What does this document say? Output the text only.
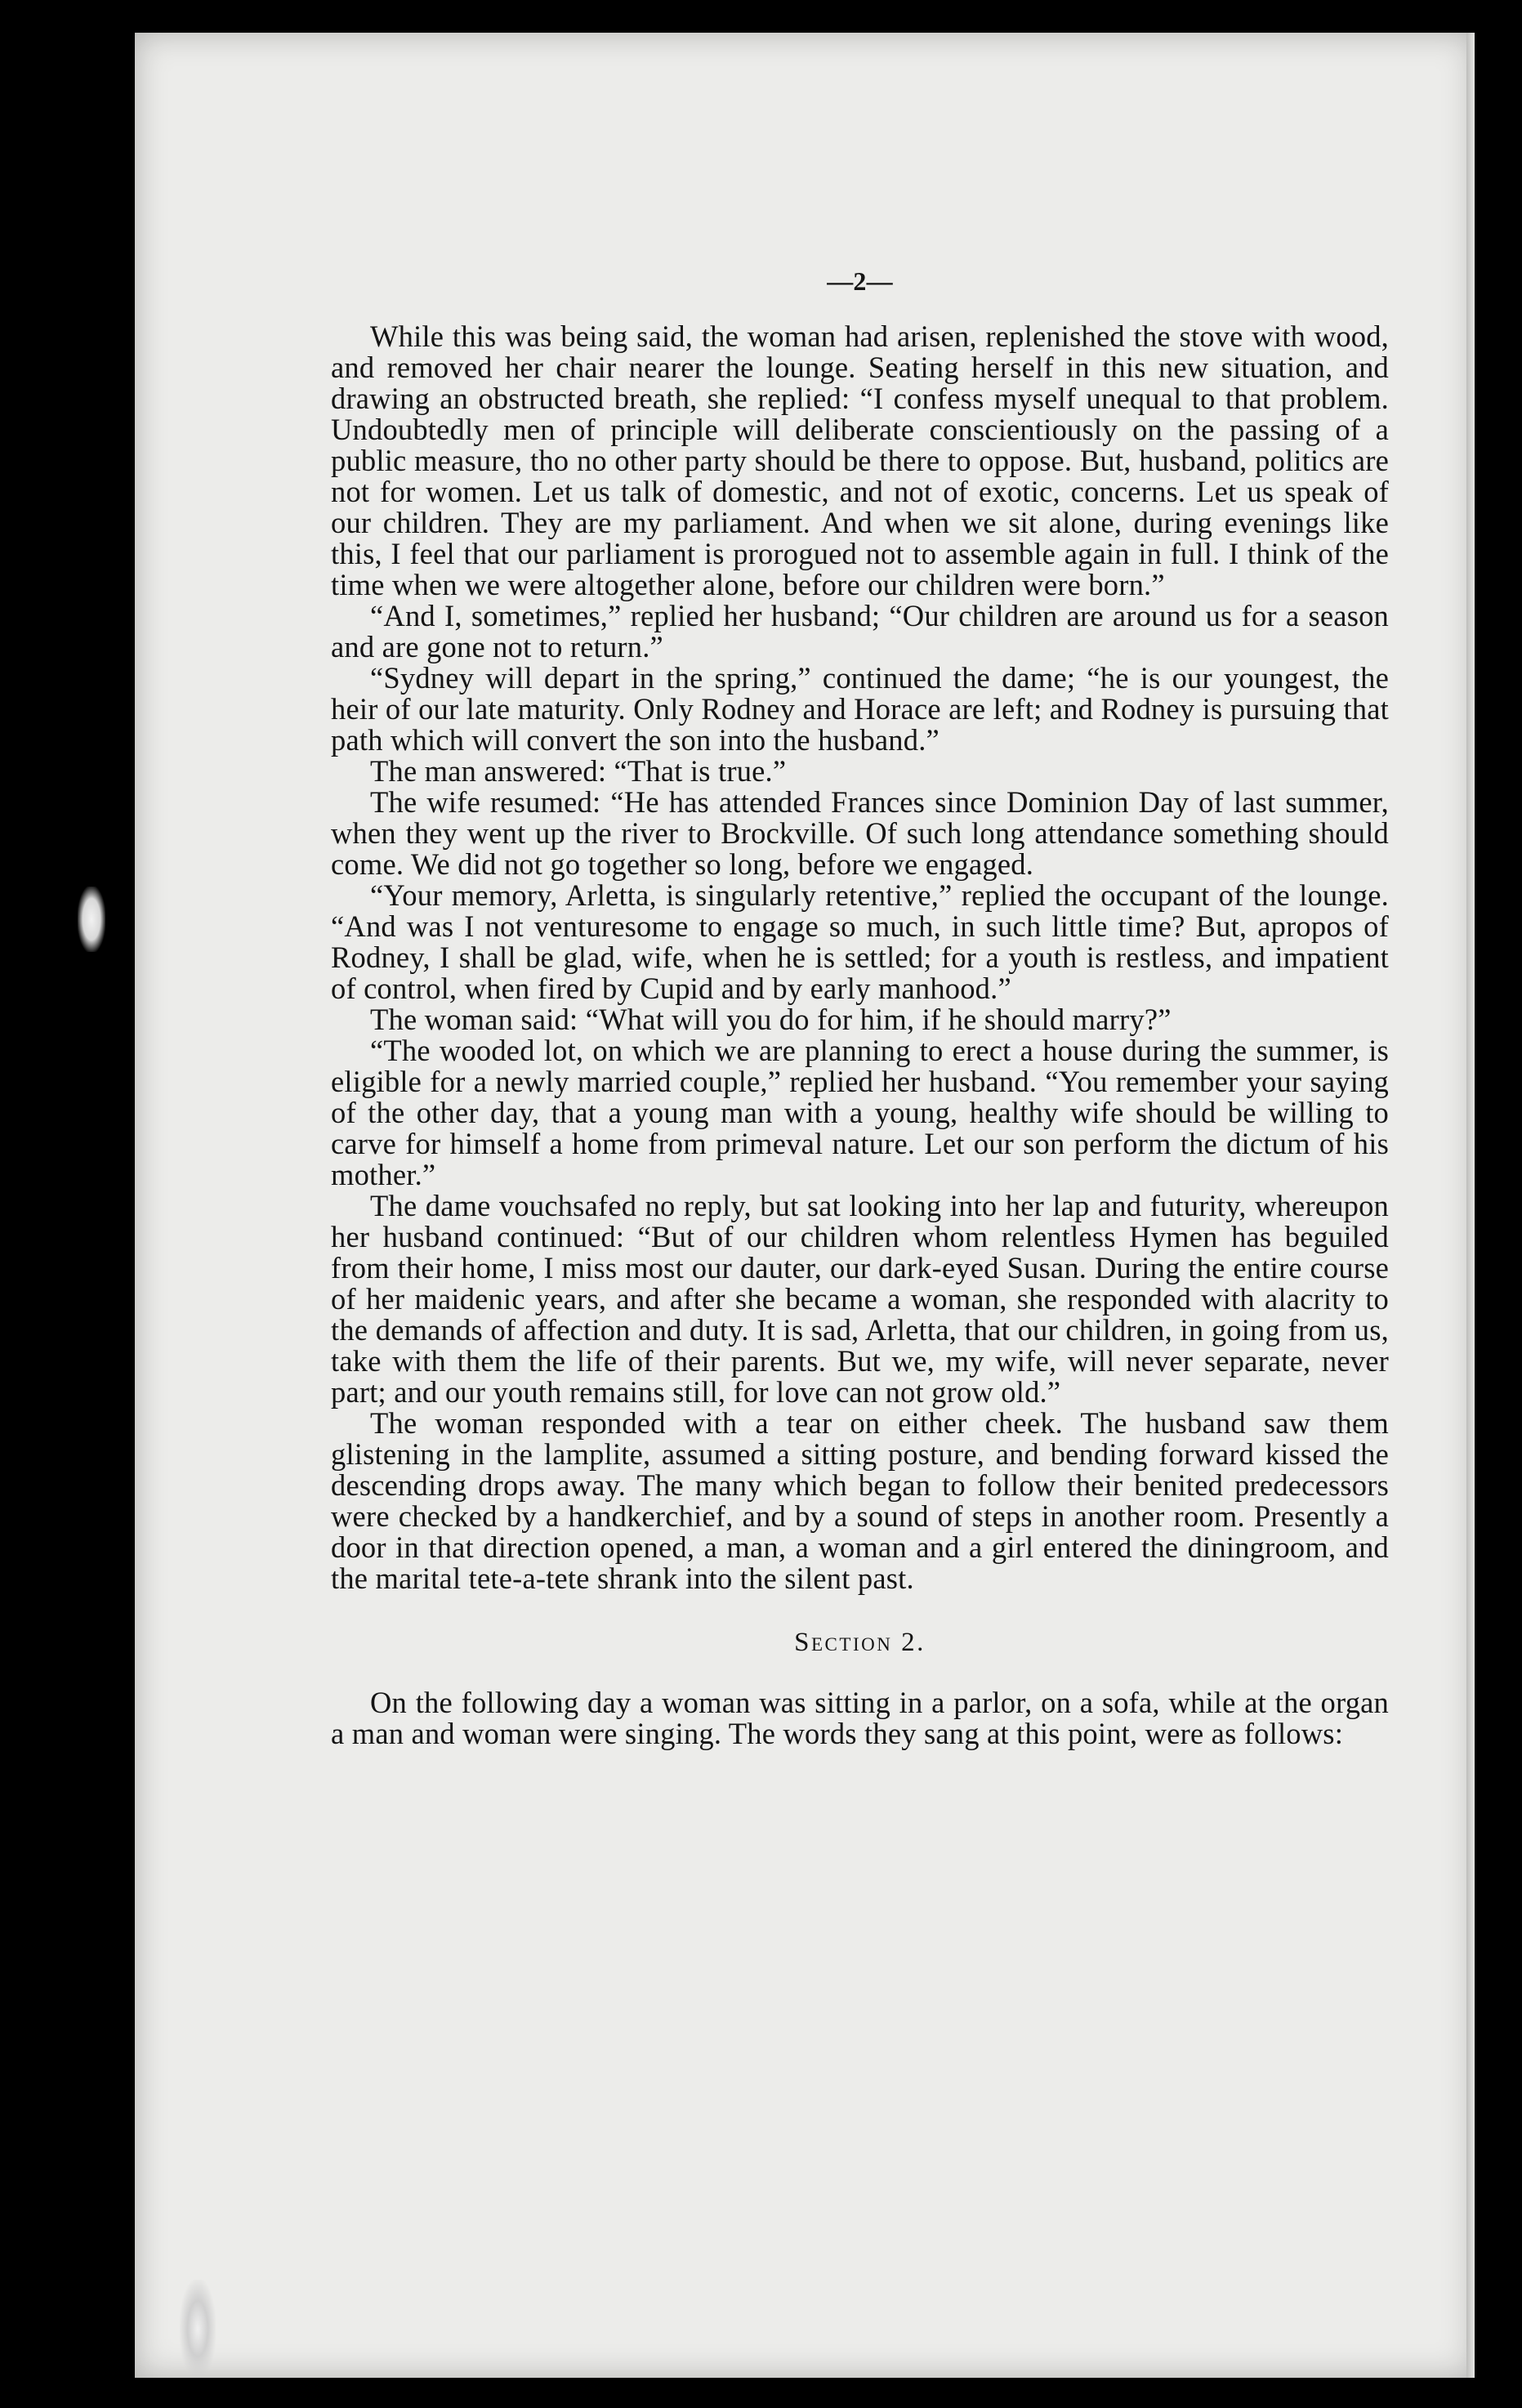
—2—

While this was being said, the woman had arisen, replenished the stove with wood, and removed her chair nearer the lounge. Seating herself in this new situation, and drawing an obstructed breath, she replied: “I confess myself unequal to that problem. Undoubtedly men of principle will deliberate conscientiously on the passing of a public measure, tho no other party should be there to oppose. But, husband, politics are not for women. Let us talk of domestic, and not of exotic, concerns. Let us speak of our children. They are my parliament. And when we sit alone, during evenings like this, I feel that our parliament is prorogued not to assemble again in full. I think of the time when we were altogether alone, before our children were born.”

“And I, sometimes,” replied her husband; “Our children are around us for a season and are gone not to return.”

“Sydney will depart in the spring,” continued the dame; “he is our youngest, the heir of our late maturity. Only Rodney and Horace are left; and Rodney is pursuing that path which will convert the son into the husband.”

The man answered: “That is true.”

The wife resumed: “He has attended Frances since Dominion Day of last summer, when they went up the river to Brockville. Of such long attendance something should come. We did not go together so long, before we engaged.

“Your memory, Arletta, is singularly retentive,” replied the occupant of the lounge. “And was I not venturesome to engage so much, in such little time? But, apropos of Rodney, I shall be glad, wife, when he is settled; for a youth is restless, and impatient of control, when fired by Cupid and by early manhood.”

The woman said: “What will you do for him, if he should marry?”

“The wooded lot, on which we are planning to erect a house during the summer, is eligible for a newly married couple,” replied her husband. “You remember your saying of the other day, that a young man with a young, healthy wife should be willing to carve for himself a home from primeval nature. Let our son perform the dictum of his mother.”

The dame vouchsafed no reply, but sat looking into her lap and futurity, whereupon her husband continued: “But of our children whom relentless Hymen has beguiled from their home, I miss most our dauter, our dark-eyed Susan. During the entire course of her maidenic years, and after she became a woman, she responded with alacrity to the demands of affection and duty. It is sad, Arletta, that our children, in going from us, take with them the life of their parents. But we, my wife, will never separate, never part; and our youth remains still, for love can not grow old.”

The woman responded with a tear on either cheek. The husband saw them glistening in the lamplite, assumed a sitting posture, and bending forward kissed the descending drops away. The many which began to follow their benited predecessors were checked by a handkerchief, and by a sound of steps in another room. Presently a door in that direction opened, a man, a woman and a girl entered the diningroom, and the marital tete-a-tete shrank into the silent past.

Section 2.

On the following day a woman was sitting in a parlor, on a sofa, while at the organ a man and woman were singing. The words they sang at this point, were as follows:
